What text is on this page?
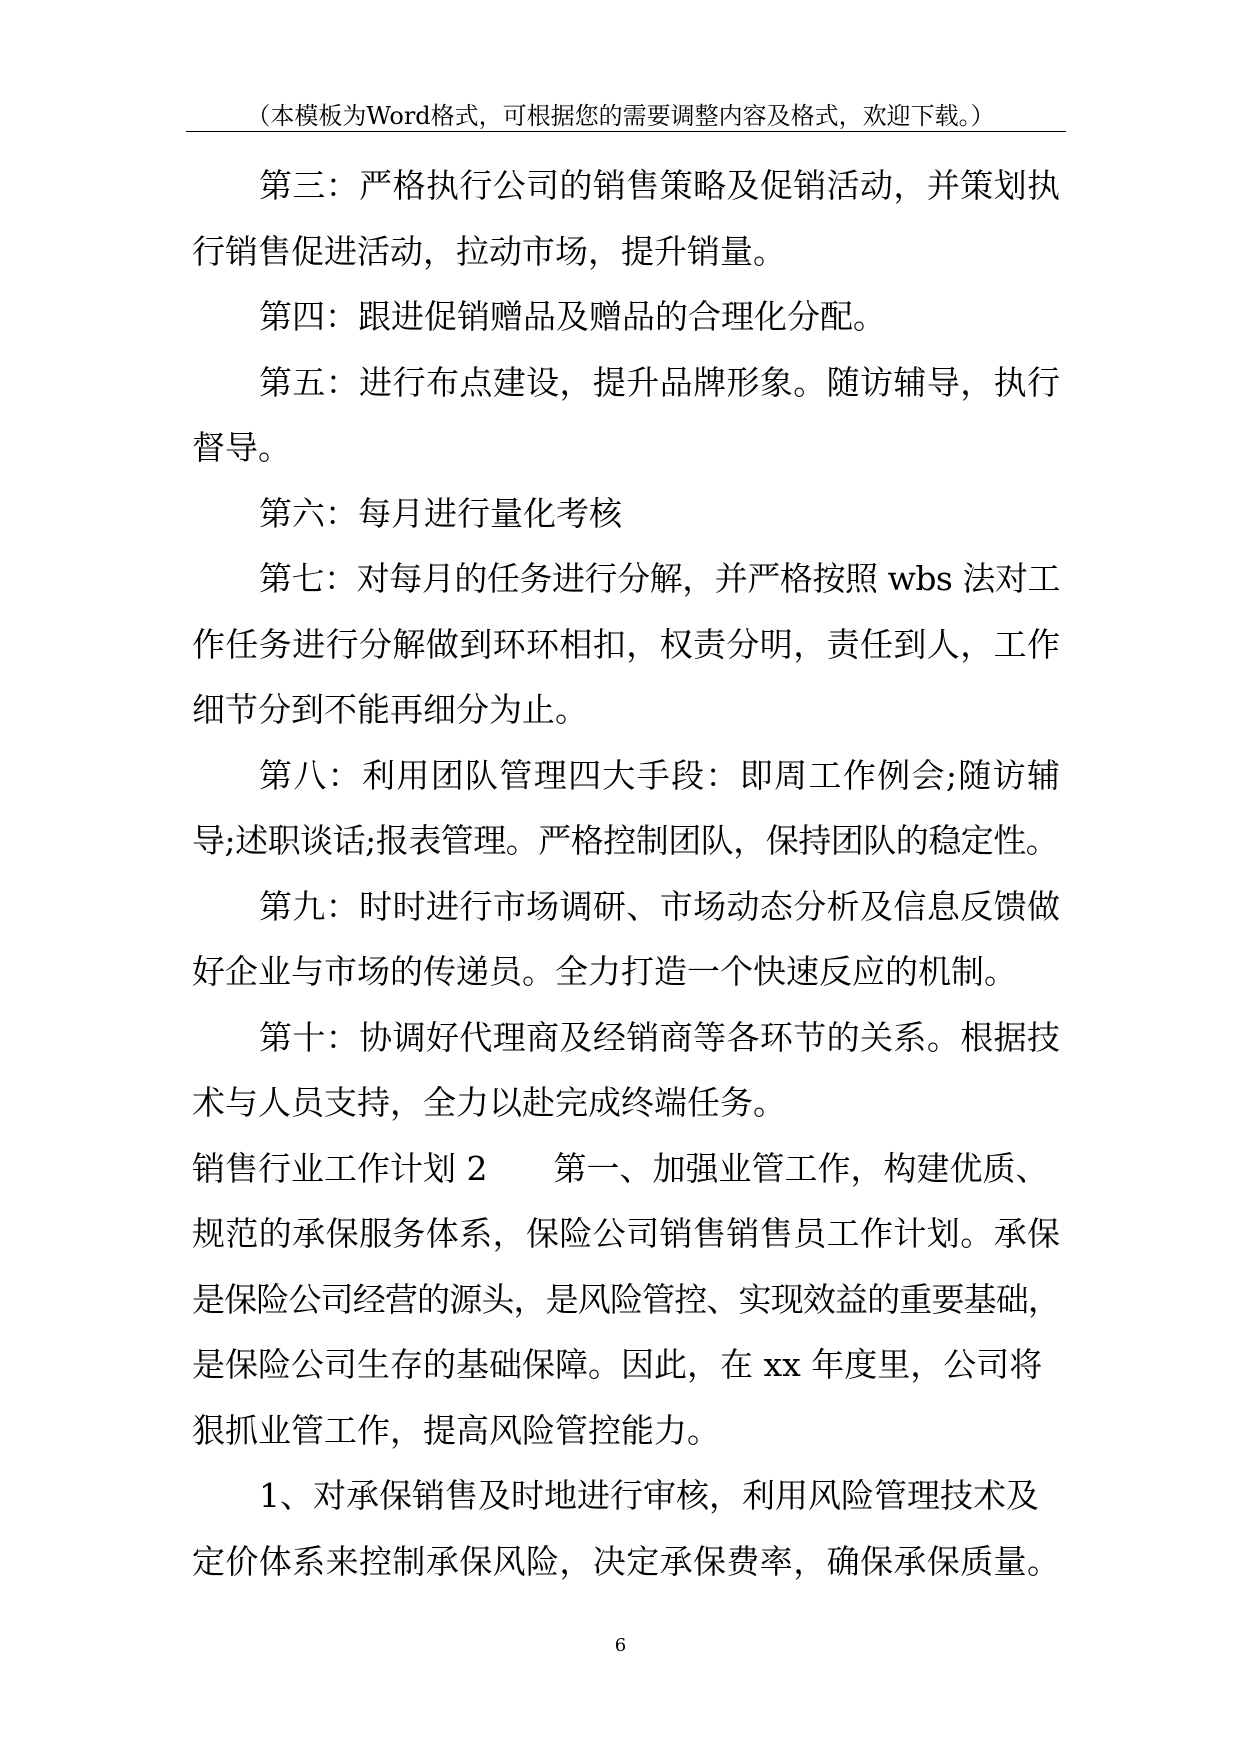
（本模板为Word格式，可根据您的需要调整内容及格式，欢迎下载。）
第三：严格执行公司的销售策略及促销活动，并策划执
行销售促进活动，拉动市场，提升销量。
第四：跟进促销赠品及赠品的合理化分配。
第五：进行布点建设，提升品牌形象。随访辅导，执行
督导。
第六：每月进行量化考核
第七：对每月的任务进行分解，并严格按照 wbs 法对工
作任务进行分解做到环环相扣，权责分明，责任到人，工作
细节分到不能再细分为止。
第八：利用团队管理四大手段：即周工作例会;随访辅
导;述职谈话;报表管理。严格控制团队，保持团队的稳定性。
第九：时时进行市场调研、市场动态分析及信息反馈做
好企业与市场的传递员。全力打造一个快速反应的机制。
第十：协调好代理商及经销商等各环节的关系。根据技
术与人员支持，全力以赴完成终端任务。
销售行业工作计划 2　　第一、加强业管工作，构建优质、
规范的承保服务体系，保险公司销售销售员工作计划。承保
是保险公司经营的源头，是风险管控、实现效益的重要基础，
是保险公司生存的基础保障。因此，在 xx 年度里，公司将
狠抓业管工作，提高风险管控能力。
1、对承保销售及时地进行审核，利用风险管理技术及
定价体系来控制承保风险，决定承保费率，确保承保质量。
6
